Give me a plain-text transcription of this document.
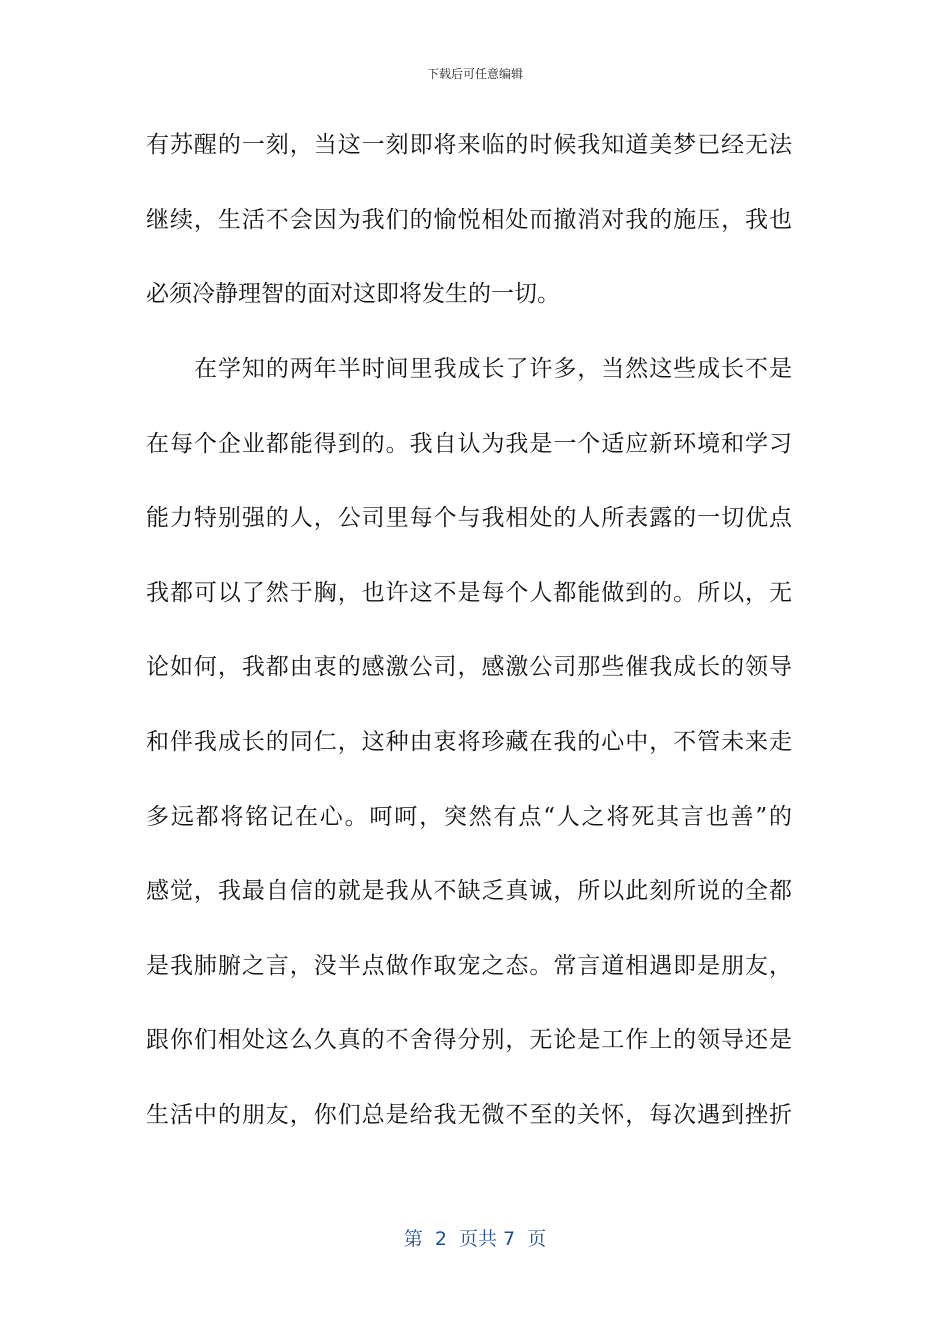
下载后可任意编辑
有苏醒的一刻，当这一刻即将来临的时候我知道美梦已经无法
继续，生活不会因为我们的愉悦相处而撤消对我的施压，我也
必须冷静理智的面对这即将发生的一切。
在学知的两年半时间里我成长了许多，当然这些成长不是
在每个企业都能得到的。我自认为我是一个适应新环境和学习
能力特别强的人，公司里每个与我相处的人所表露的一切优点
我都可以了然于胸，也许这不是每个人都能做到的。所以，无
论如何，我都由衷的感激公司，感激公司那些催我成长的领导
和伴我成长的同仁，这种由衷将珍藏在我的心中，不管未来走
多远都将铭记在心。呵呵，突然有点“人之将死其言也善”的
感觉，我最自信的就是我从不缺乏真诚，所以此刻所说的全都
是我肺腑之言，没半点做作取宠之态。常言道相遇即是朋友，
跟你们相处这么久真的不舍得分别，无论是工作上的领导还是
生活中的朋友，你们总是给我无微不至的关怀，每次遇到挫折
第  2  页共 7  页
